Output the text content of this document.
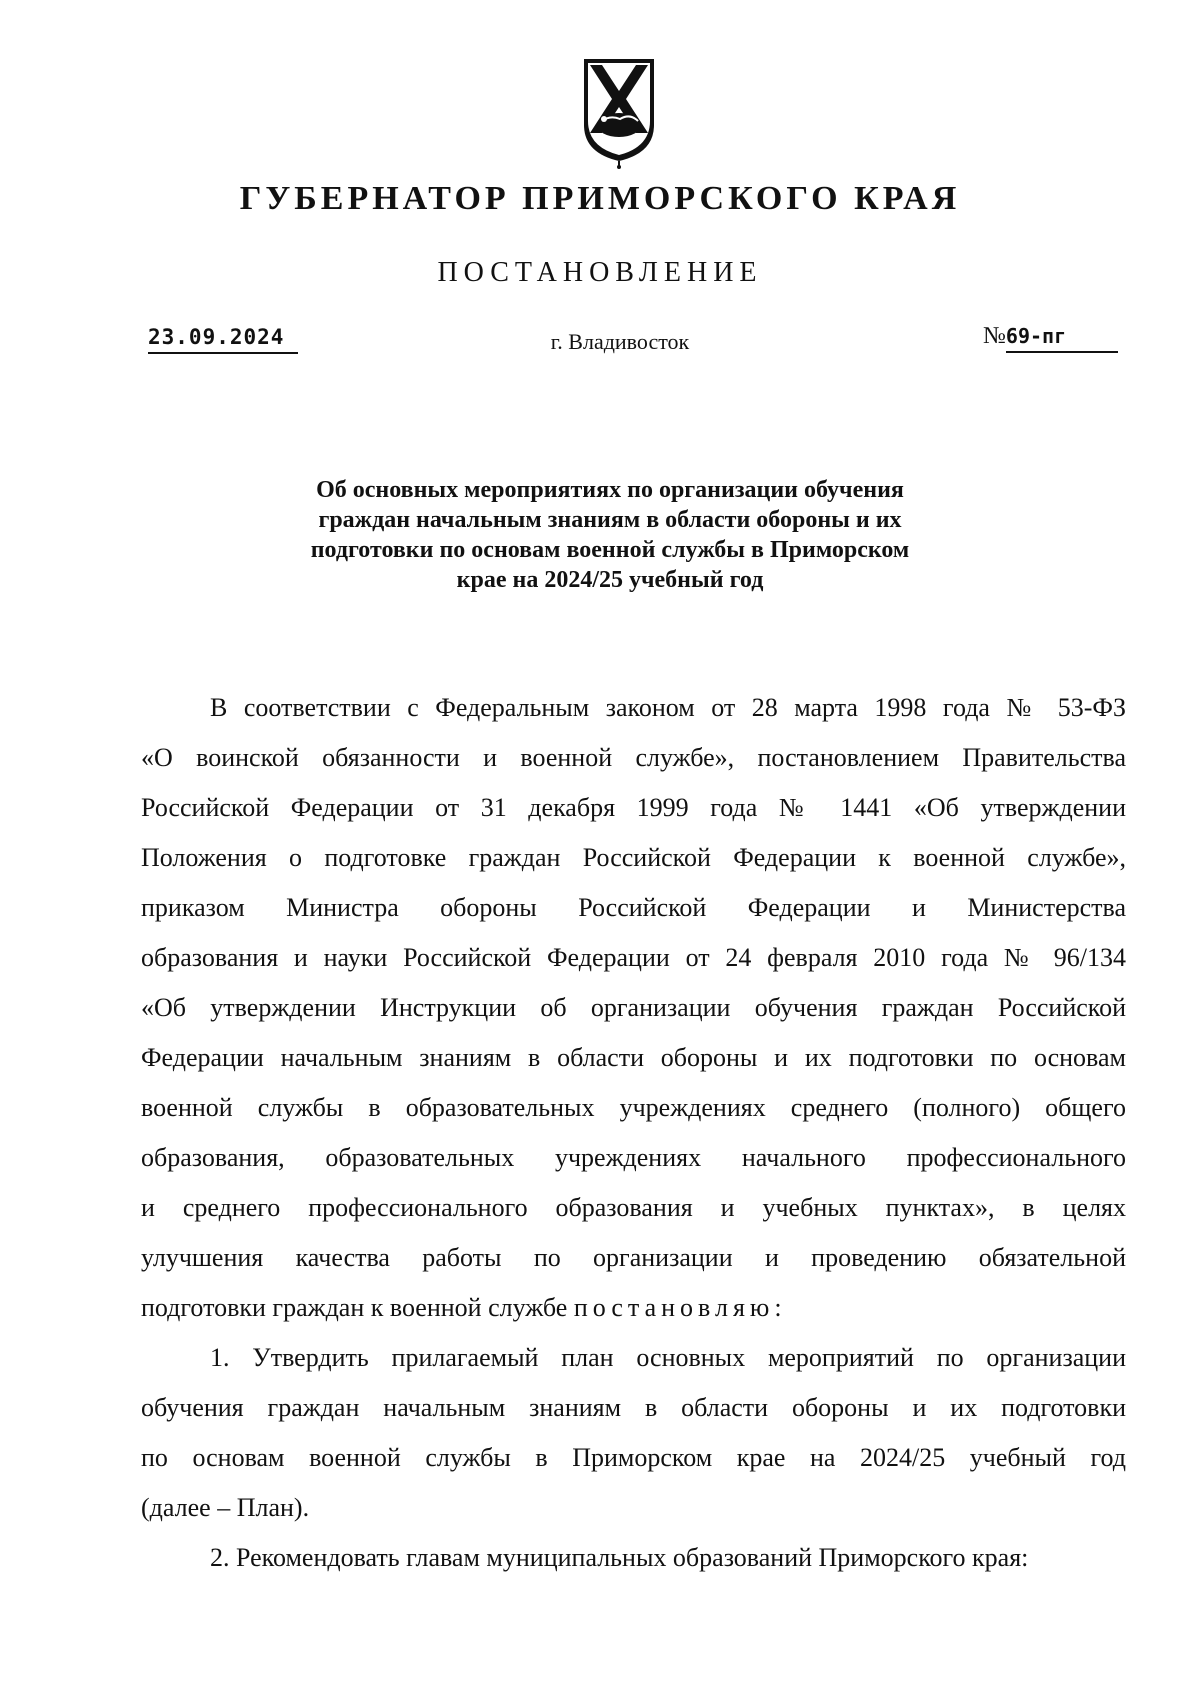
ГУБЕРНАТОР ПРИМОРСКОГО КРАЯ
ПОСТАНОВЛЕНИЕ
23.09.2024	г. Владивосток	№69-пг
Об основных мероприятиях по организации обучения
граждан начальным знаниям в области обороны и их
подготовки по основам военной службы в Приморском
крае на 2024/25 учебный год

В соответствии с Федеральным законом от 28 марта 1998 года № 53-ФЗ
«О воинской обязанности и военной службе», постановлением Правительства
Российской Федерации от 31 декабря 1999 года № 1441 «Об утверждении
Положения о подготовке граждан Российской Федерации к военной службе»,
приказом Министра обороны Российской Федерации и Министерства
образования и науки Российской Федерации от 24 февраля 2010 года № 96/134
«Об утверждении Инструкции об организации обучения граждан Российской
Федерации начальным знаниям в области обороны и их подготовки по основам
военной службы в образовательных учреждениях среднего (полного) общего
образования, образовательных учреждениях начального профессионального
и среднего профессионального образования и учебных пунктах», в целях
улучшения качества работы по организации и проведению обязательной
подготовки граждан к военной службе постановляю:

1. Утвердить прилагаемый план основных мероприятий по организации
обучения граждан начальным знаниям в области обороны и их подготовки
по основам военной службы в Приморском крае на 2024/25 учебный год
(далее – План).

2. Рекомендовать главам муниципальных образований Приморского края:
